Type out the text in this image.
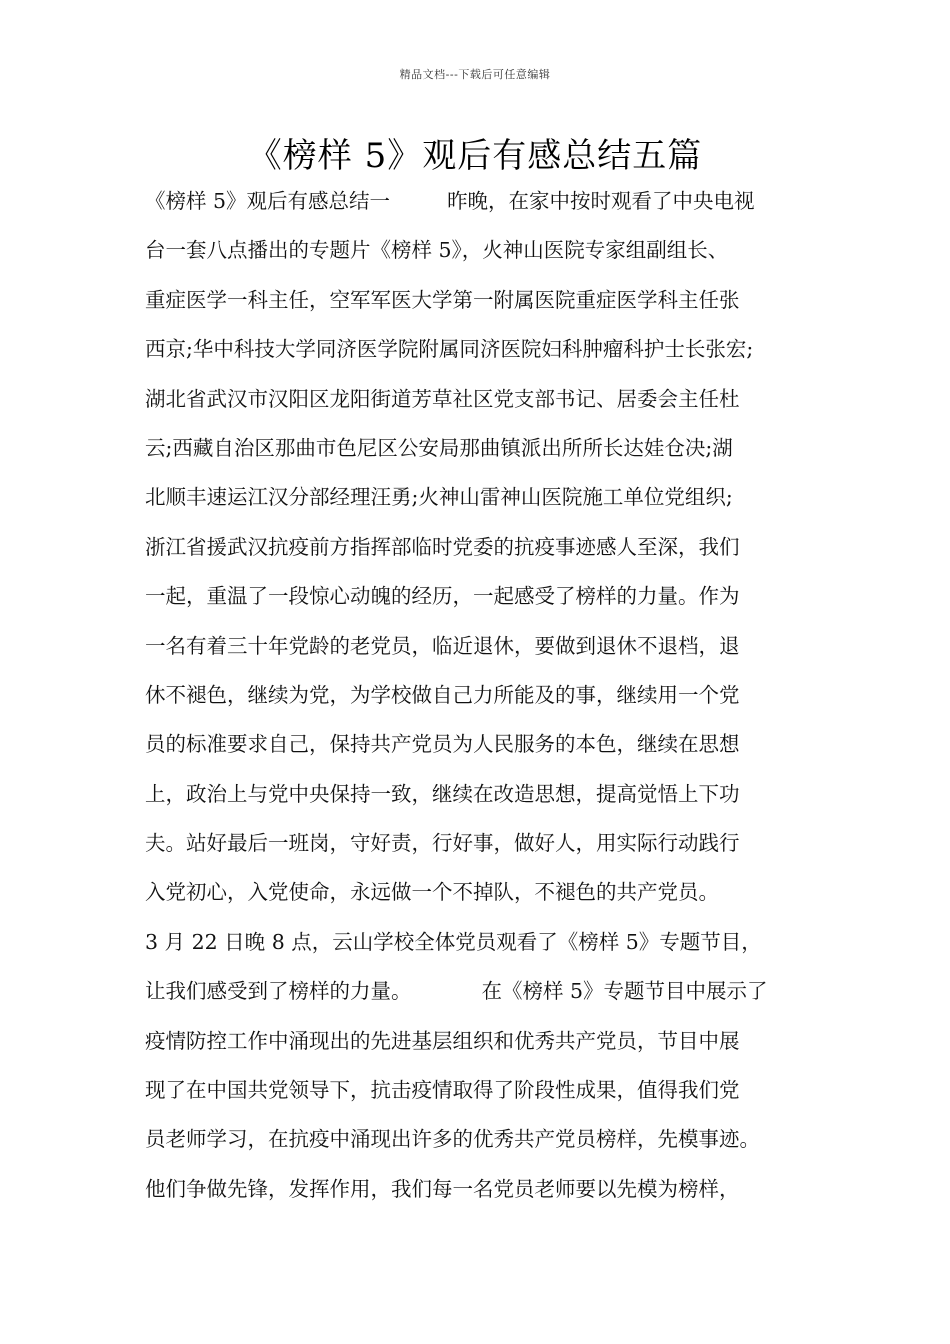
精品文档---下载后可任意编辑
《榜样 5》观后有感总结五篇
《榜样 5》观后有感总结一	昨晚，在家中按时观看了中央电视
台一套八点播出的专题片《榜样 5》，火神山医院专家组副组长、
重症医学一科主任，空军军医大学第一附属医院重症医学科主任张
西京;华中科技大学同济医学院附属同济医院妇科肿瘤科护士长张宏;
湖北省武汉市汉阳区龙阳街道芳草社区党支部书记、居委会主任杜
云;西藏自治区那曲市色尼区公安局那曲镇派出所所长达娃仓决;湖
北顺丰速运江汉分部经理汪勇;火神山雷神山医院施工单位党组织;
浙江省援武汉抗疫前方指挥部临时党委的抗疫事迹感人至深，我们
一起，重温了一段惊心动魄的经历，一起感受了榜样的力量。作为
一名有着三十年党龄的老党员，临近退休，要做到退休不退档，退
休不褪色，继续为党，为学校做自己力所能及的事，继续用一个党
员的标准要求自己，保持共产党员为人民服务的本色，继续在思想
上，政治上与党中央保持一致，继续在改造思想，提高觉悟上下功
夫。站好最后一班岗，守好责，行好事，做好人，用实际行动践行
入党初心，入党使命，永远做一个不掉队，不褪色的共产党员。
3 月 22 日晚 8 点，云山学校全体党员观看了《榜样 5》专题节目，
让我们感受到了榜样的力量。	在《榜样 5》专题节目中展示了
疫情防控工作中涌现出的先进基层组织和优秀共产党员，节目中展
现了在中国共党领导下，抗击疫情取得了阶段性成果，值得我们党
员老师学习，在抗疫中涌现出许多的优秀共产党员榜样，先模事迹。
他们争做先锋，发挥作用，我们每一名党员老师要以先模为榜样，
